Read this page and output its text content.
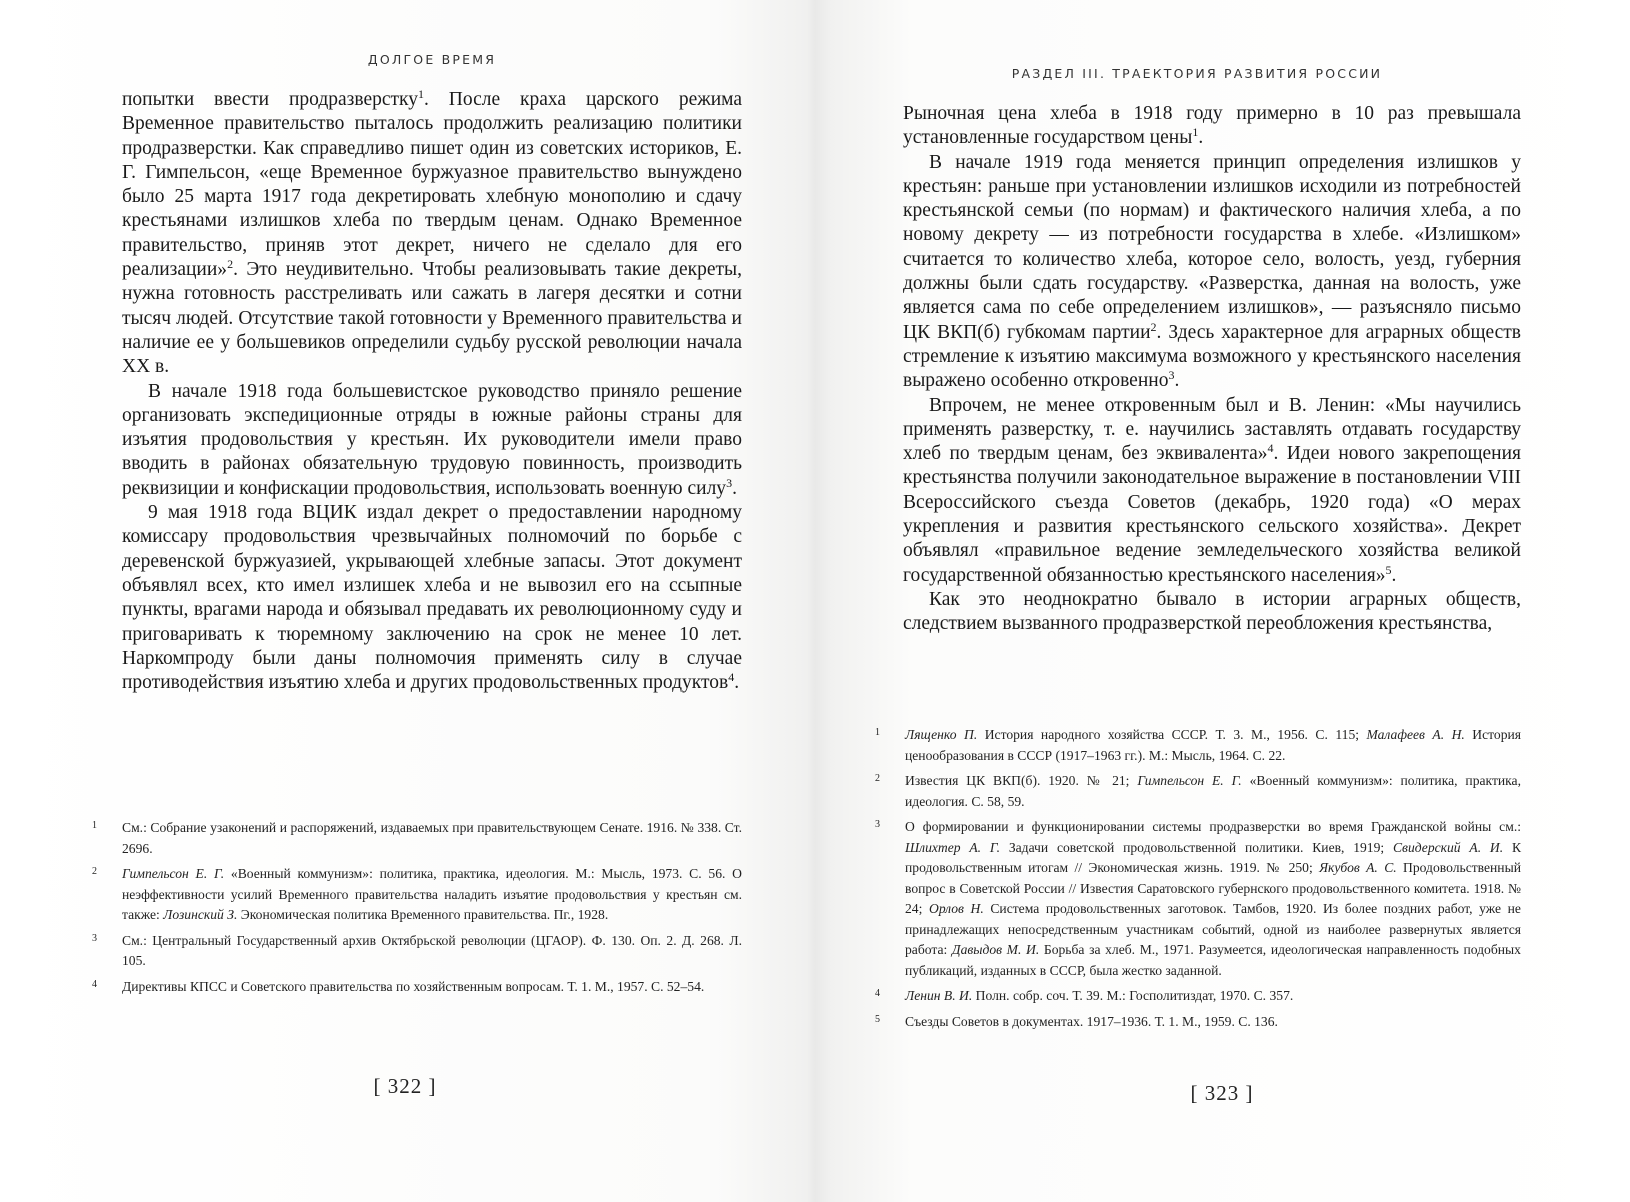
ДОЛГОЕ ВРЕМЯ

попытки ввести продразверстку$^1$. После краха царского режима Временное правительство пыталось продолжить реализацию политики продразверстки. Как справедливо пишет один из советских историков, Е. Г. Гимпельсон, «еще Временное буржуазное правительство вынуждено было 25 марта 1917 года декретировать хлебную монополию и сдачу крестьянами излишков хлеба по твердым ценам. Однако Временное правительство, приняв этот декрет, ничего не сделало для его реализации»$^2$. Это неудивительно. Чтобы реализовывать такие декреты, нужна готовность расстреливать или сажать в лагеря десятки и сотни тысяч людей. Отсутствие такой готовности у Временного правительства и наличие ее у большевиков определили судьбу русской революции начала XX в.

В начале 1918 года большевистское руководство приняло решение организовать экспедиционные отряды в южные районы страны для изъятия продовольствия у крестьян. Их руководители имели право вводить в районах обязательную трудовую повинность, производить реквизиции и конфискации продовольствия, использовать военную силу$^3$.

9 мая 1918 года ВЦИК издал декрет о предоставлении народному комиссару продовольствия чрезвычайных полномочий по борьбе с деревенской буржуазией, укрывающей хлебные запасы. Этот документ объявлял всех, кто имел излишек хлеба и не вывозил его на ссыпные пункты, врагами народа и обязывал предавать их революционному суду и приговаривать к тюремному заключению на срок не менее 10 лет. Наркомпроду были даны полномочия применять силу в случае противодействия изъятию хлеба и других продовольственных продуктов$^4$.

1	См.: Собрание узаконений и распоряжений, издаваемых при правительствующем Сенате. 1916. № 338. Ст. 2696.
2	Гимпельсон Е. Г. «Военный коммунизм»: политика, практика, идеология. М.: Мысль, 1973. С. 56. О неэффективности усилий Временного правительства наладить изъятие продовольствия у крестьян см. также: Лозинский З. Экономическая политика Временного правительства. Пг., 1928.
3	См.: Центральный Государственный архив Октябрьской революции (ЦГАОР). Ф. 130. Оп. 2. Д. 268. Л. 105.
4	Директивы КПСС и Советского правительства по хозяйственным вопросам. Т. 1. М., 1957. С. 52–54.
[ 322 ]
РАЗДЕЛ III. ТРАЕКТОРИЯ РАЗВИТИЯ РОССИИ

Рыночная цена хлеба в 1918 году примерно в 10 раз превышала установленные государством цены$^1$.

В начале 1919 года меняется принцип определения излишков у крестьян: раньше при установлении излишков исходили из потребностей крестьянской семьи (по нормам) и фактического наличия хлеба, а по новому декрету — из потребности государства в хлебе. «Излишком» считается то количество хлеба, которое село, волость, уезд, губерния должны были сдать государству. «Разверстка, данная на волость, уже является сама по себе определением излишков», — разъясняло письмо ЦК ВКП(б) губкомам партии$^2$. Здесь характерное для аграрных обществ стремление к изъятию максимума возможного у крестьянского населения выражено особенно откровенно$^3$.

Впрочем, не менее откровенным был и В. Ленин: «Мы научились применять разверстку, т. е. научились заставлять отдавать государству хлеб по твердым ценам, без эквивалента»$^4$. Идеи нового закрепощения крестьянства получили законодательное выражение в постановлении VIII Всероссийского съезда Советов (декабрь, 1920 года) «О мерах укрепления и развития крестьянского сельского хозяйства». Декрет объявлял «правильное ведение земледельческого хозяйства великой государственной обязанностью крестьянского населения»$^5$.

Как это неоднократно бывало в истории аграрных обществ, следствием вызванного продразверсткой переобложения крестьянства,

1	Лященко П. История народного хозяйства СССР. Т. 3. М., 1956. С. 115; Малафеев А. Н. История ценообразования в СССР (1917–1963 гг.). М.: Мысль, 1964. С. 22.
2	Известия ЦК ВКП(б). 1920. № 21; Гимпельсон Е. Г. «Военный коммунизм»: политика, практика, идеология. С. 58, 59.
3	О формировании и функционировании системы продразверстки во время Гражданской войны см.: Шлихтер А. Г. Задачи советской продовольственной политики. Киев, 1919; Свидерский А. И. К продовольственным итогам // Экономическая жизнь. 1919. № 250; Якубов А. С. Продовольственный вопрос в Советской России // Известия Саратовского губернского продовольственного комитета. 1918. № 24; Орлов Н. Система продовольственных заготовок. Тамбов, 1920. Из более поздних работ, уже не принадлежащих непосредственным участникам событий, одной из наиболее развернутых является работа: Давыдов М. И. Борьба за хлеб. М., 1971. Разумеется, идеологическая направленность подобных публикаций, изданных в СССР, была жестко заданной.
4	Ленин В. И. Полн. собр. соч. Т. 39. М.: Госполитиздат, 1970. С. 357.
5	Съезды Советов в документах. 1917–1936. Т. 1. М., 1959. С. 136.
[ 323 ]
